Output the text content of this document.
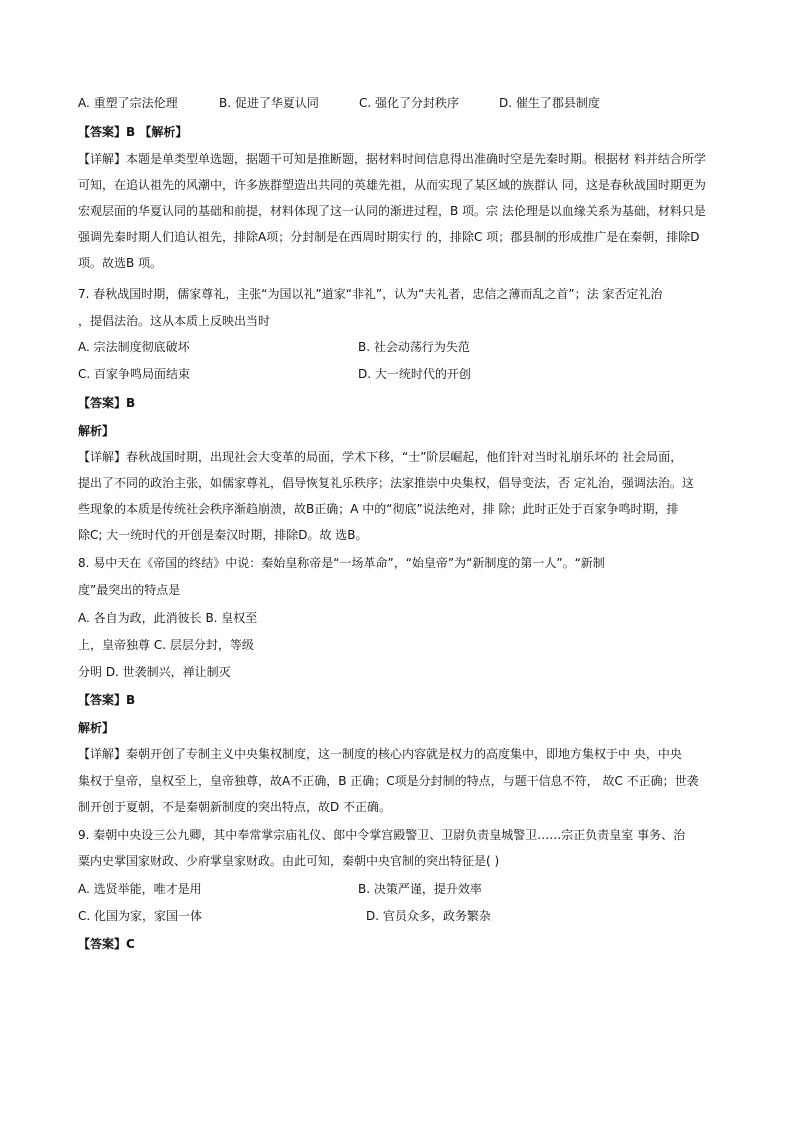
A. 重塑了宗法伦理	B. 促进了华夏认同	C. 强化了分封秩序	D. 催生了郡县制度
【答案】B 【解析】
【详解】本题是单类型单选题，据题干可知是推断题，据材料时间信息得出准确时空是先秦时期。根据材 料并结合所学
可知，在追认祖先的风潮中，许多族群塑造出共同的英雄先祖，从而实现了某区域的族群认 同，这是春秋战国时期更为
宏观层面的华夏认同的基础和前提，材料体现了这一认同的渐进过程，B 项。宗 法伦理是以血缘关系为基础，材料只是
强调先秦时期人们追认祖先，排除A项；分封制是在西周时期实行 的，排除C 项；郡县制的形成推广是在秦朝，排除D
项。故选B 项。
7. 春秋战国时期，儒家尊礼，主张“为国以礼”道家“非礼”，认为“夫礼者，忠信之薄而乱之首”；法 家否定礼治
，提倡法治。这从本质上反映出当时
A. 宗法制度彻底破坏	B. 社会动荡行为失范
C. 百家争鸣局面结束	D. 大一统时代的开创
【答案】B
解析】
【详解】春秋战国时期，出现社会大变革的局面，学术下移，“士”阶层崛起，他们针对当时礼崩乐坏的 社会局面，
提出了不同的政治主张，如儒家尊礼，倡导恢复礼乐秩序；法家推崇中央集权，倡导变法，否 定礼治，强调法治。这
些现象的本质是传统社会秩序渐趋崩溃，故B正确；A 中的“彻底”说法绝对，排 除；此时正处于百家争鸣时期，排
除C; 大一统时代的开创是秦汉时期，排除D。故 选B。
8. 易中天在《帝国的终结》中说：秦始皇称帝是“一场革命”，“始皇帝”为“新制度的第一人”。“新制
度”最突出的特点是
A. 各自为政，此消彼长 B. 皇权至
上，皇帝独尊 C. 层层分封，等级
分明 D. 世袭制兴，禅让制灭
【答案】B
解析】
【详解】秦朝开创了专制主义中央集权制度，这一制度的核心内容就是权力的高度集中，即地方集权于中 央，中央
集权于皇帝，皇权至上，皇帝独尊，故A不正确，B 正确；C项是分封制的特点，与题干信息不符， 故C 不正确；世袭
制开创于夏朝，不是秦朝新制度的突出特点，故D 不正确。
9. 秦朝中央设三公九卿，其中奉常掌宗庙礼仪、郎中令掌宫殿警卫、卫尉负责皇城警卫……宗正负责皇室 事务、治
粟内史掌国家财政、少府掌皇家财政。由此可知，秦朝中央官制的突出特征是( )
A. 选贤举能，唯才是用	B. 决策严谨，提升效率
C. 化国为家，家国一体	D. 官员众多，政务繁杂
【答案】C
